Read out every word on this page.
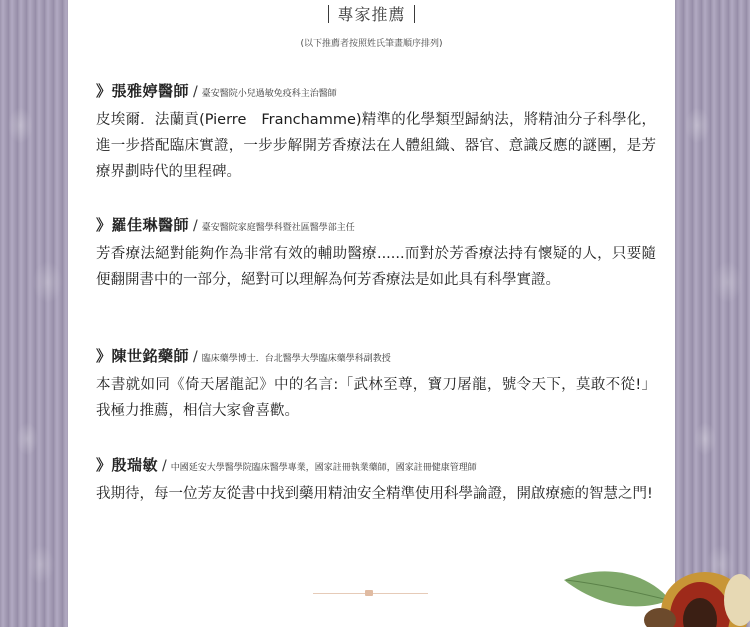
專家推薦
(以下推薦者按照姓氏筆畫順序排列)
》張雅婷醫師 / 臺安醫院小兒過敏免疫科主治醫師
皮埃爾．法蘭貢(Pierre　Franchamme)精準的化學類型歸納法，將精油分子科學化，進一步搭配臨床實證，一步步解開芳香療法在人體組織、器官、意識反應的謎團，是芳療界劃時代的里程碑。
》羅佳琳醫師 / 臺安醫院家庭醫學科暨社區醫學部主任
芳香療法絕對能夠作為非常有效的輔助醫療......而對於芳香療法持有懷疑的人，只要隨便翻開書中的一部分，絕對可以理解為何芳香療法是如此具有科學實證。
》陳世銘藥師 / 臨床藥學博士．台北醫學大學臨床藥學科副教授
本書就如同《倚天屠龍記》中的名言:「武林至尊，寶刀屠龍，號令天下，莫敢不從!」我極力推薦，相信大家會喜歡。
》殷瑞敏 / 中國延安大學醫學院臨床醫學專業，國家註冊執業藥師，國家註冊健康管理師
我期待，每一位芳友從書中找到藥用精油安全精準使用科學論證，開啟療癒的智慧之門!
